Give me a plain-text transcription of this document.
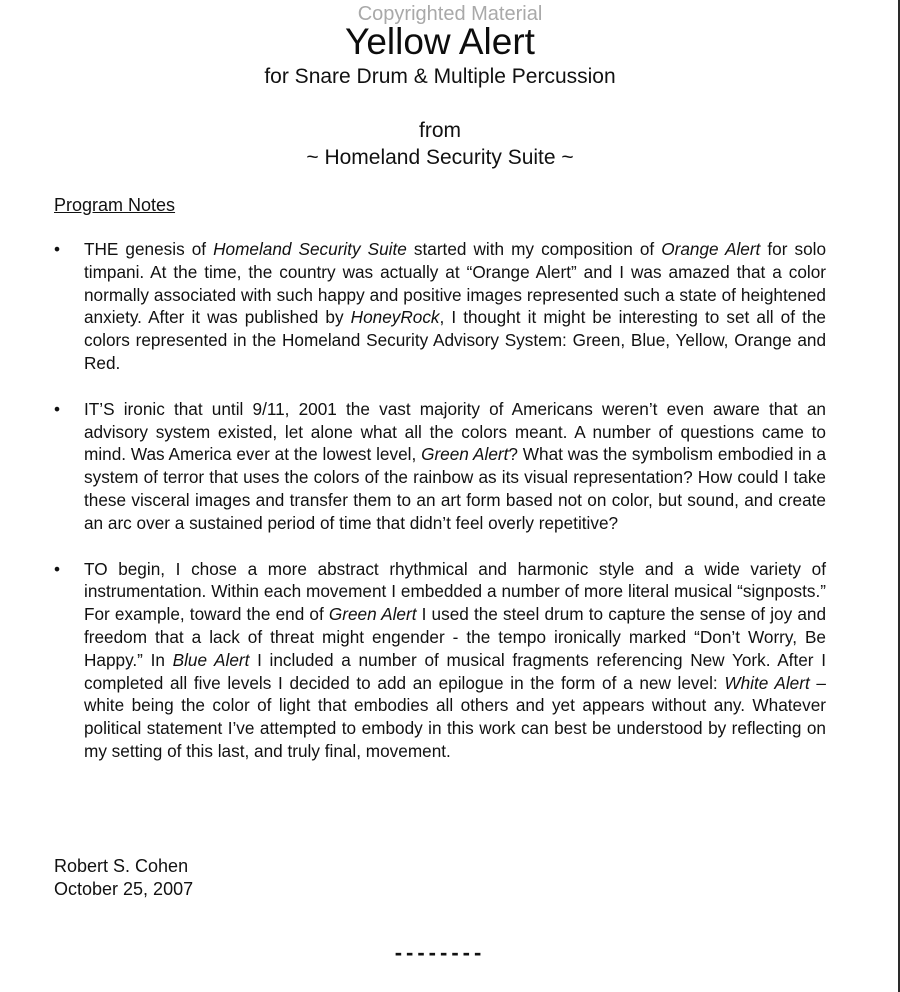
Copyrighted Material
Yellow Alert
for Snare Drum & Multiple Percussion
from
~ Homeland Security Suite ~
Program Notes
•	THE genesis of Homeland Security Suite started with my composition of Orange Alert for solo timpani. At the time, the country was actually at “Orange Alert” and I was amazed that a color normally associated with such happy and positive images represented such a state of heightened anxiety. After it was published by HoneyRock, I thought it might be interesting to set all of the colors represented in the Homeland Security Advisory System: Green, Blue, Yellow, Orange and Red.
•	IT’S ironic that until 9/11, 2001 the vast majority of Americans weren’t even aware that an advisory system existed, let alone what all the colors meant. A number of questions came to mind. Was America ever at the lowest level, Green Alert? What was the symbolism embodied in a system of terror that uses the colors of the rainbow as its visual representation? How could I take these visceral images and transfer them to an art form based not on color, but sound, and create an arc over a sustained period of time that didn’t feel overly repetitive?
•	TO begin, I chose a more abstract rhythmical and harmonic style and a wide variety of instrumentation. Within each movement I embedded a number of more literal musical “signposts.” For example, toward the end of Green Alert I used the steel drum to capture the sense of joy and freedom that a lack of threat might engender - the tempo ironically marked “Don’t Worry, Be Happy.” In Blue Alert I included a number of musical fragments referencing New York. After I completed all five levels I decided to add an epilogue in the form of a new level: White Alert – white being the color of light that embodies all others and yet appears without any. Whatever political statement I’ve attempted to embody in this work can best be understood by reflecting on my setting of this last, and truly final, movement.
Robert S. Cohen
October 25, 2007
--------
